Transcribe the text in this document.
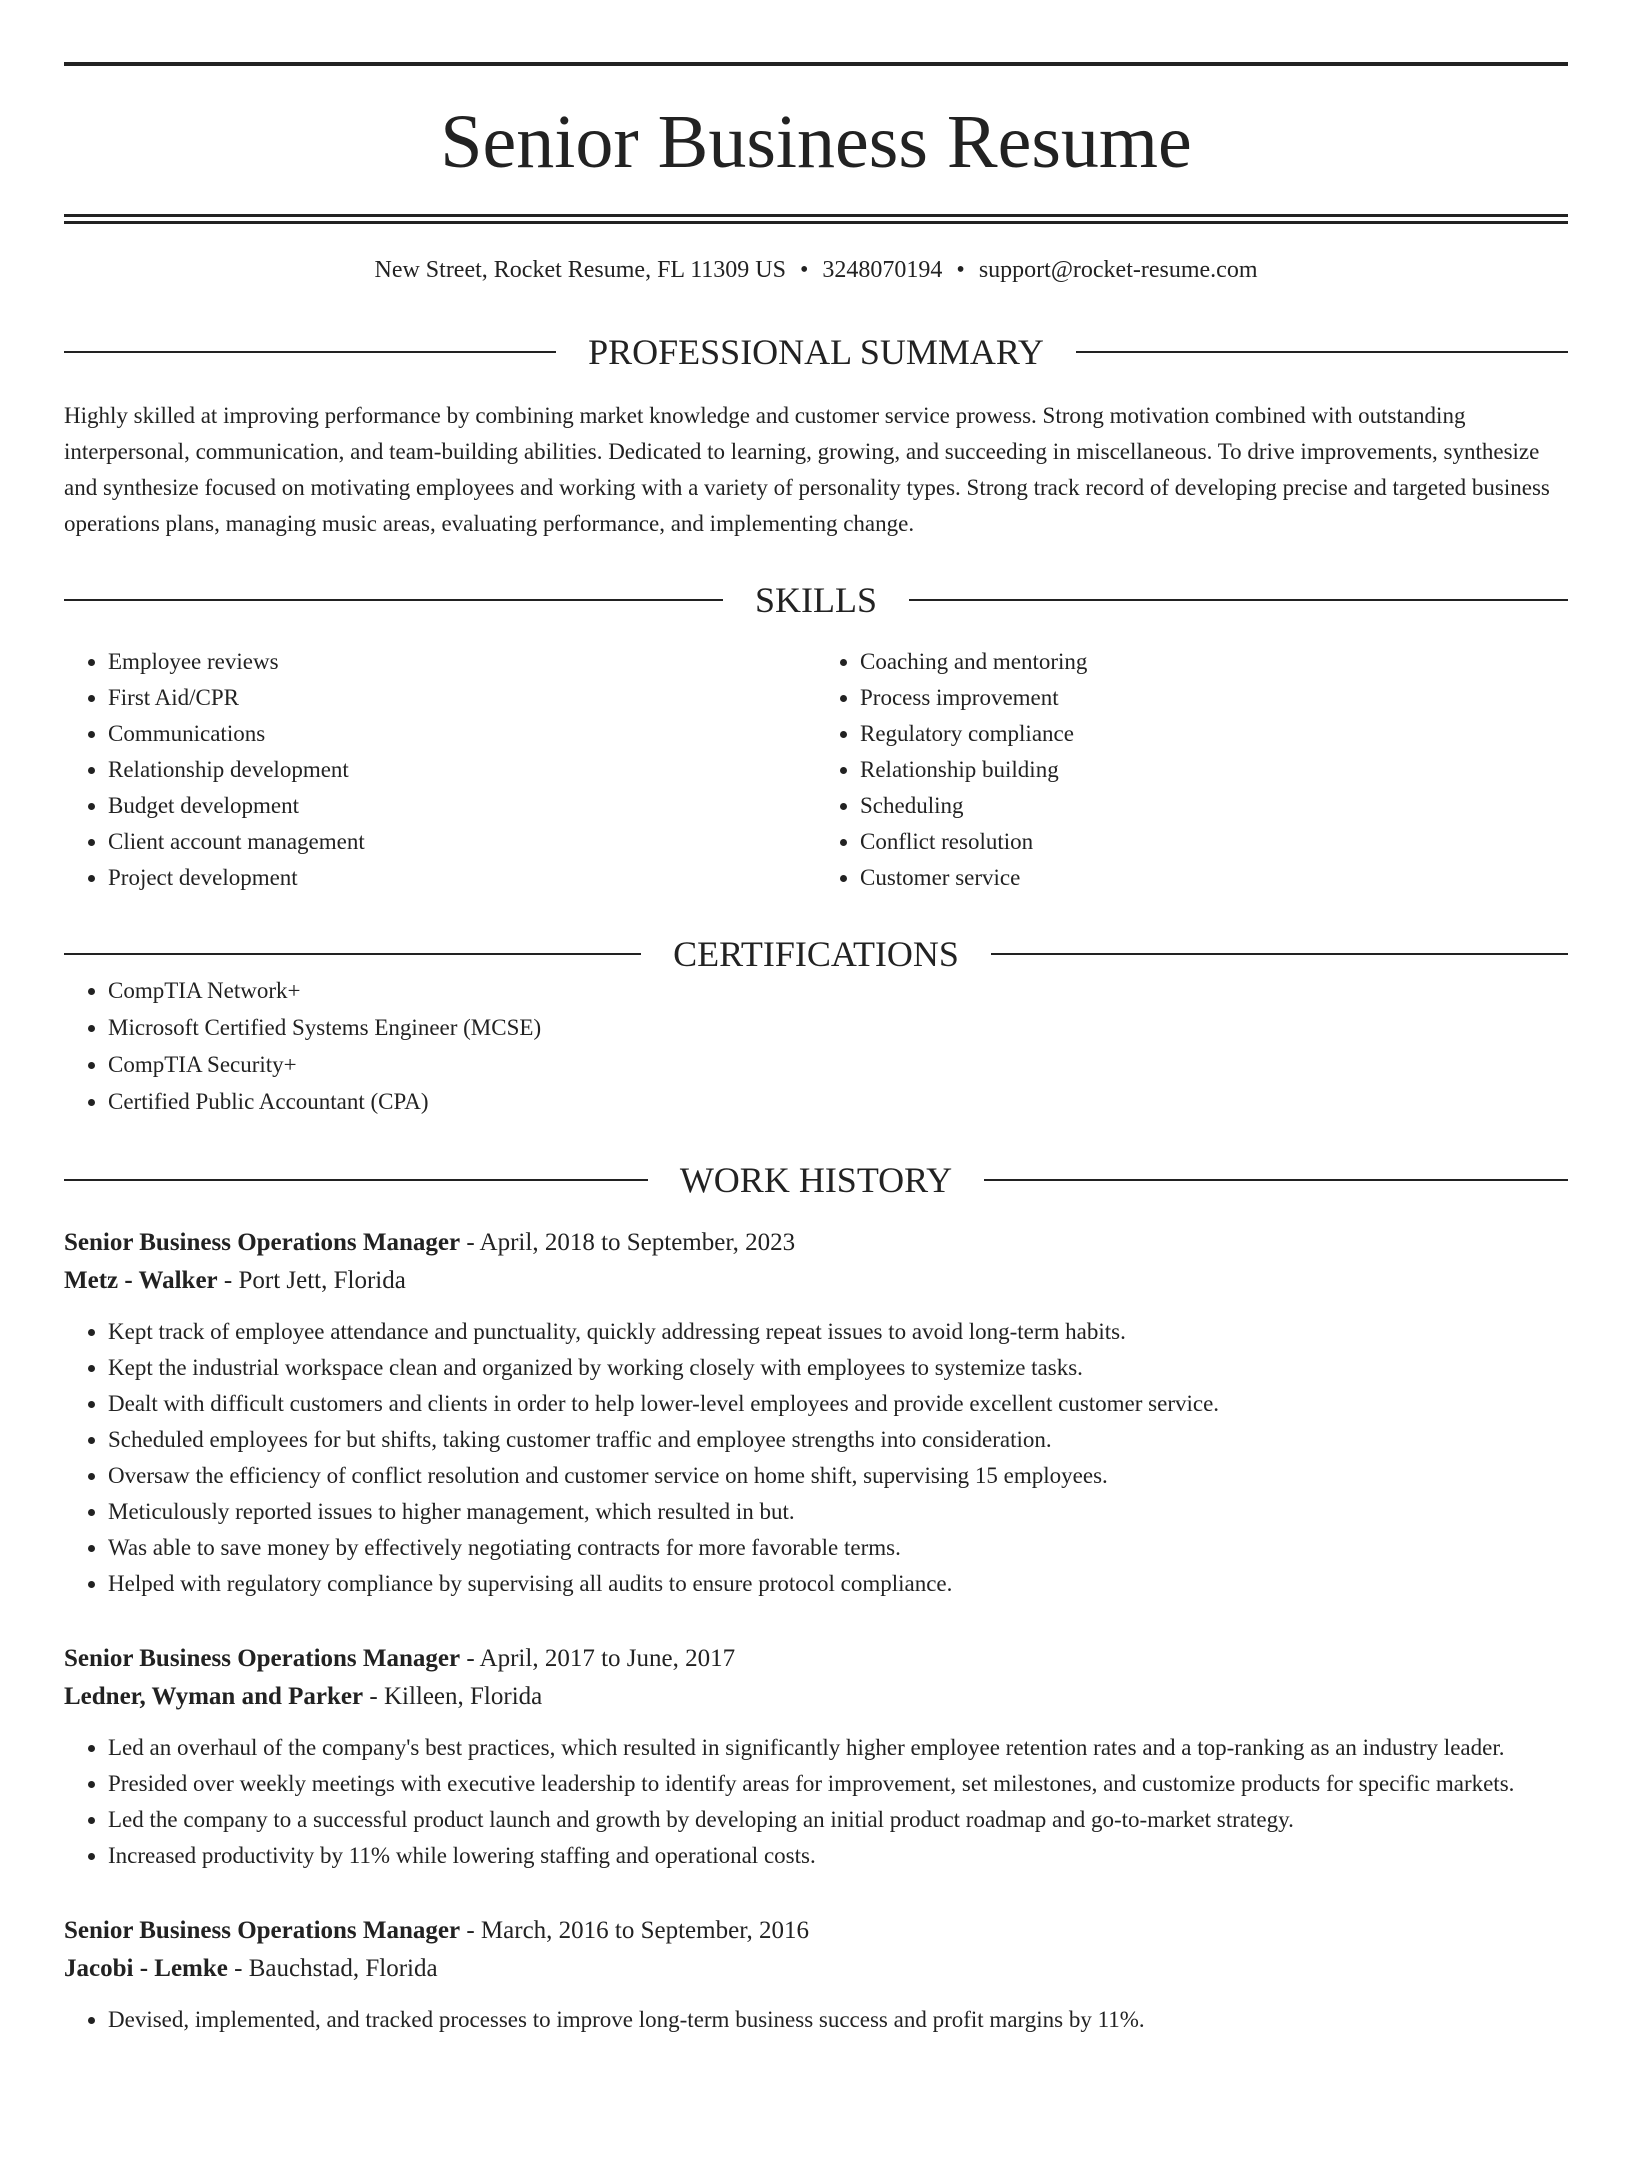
Senior Business Resume
New Street, Rocket Resume, FL 11309 US • 3248070194 • support@rocket-resume.com
PROFESSIONAL SUMMARY

Highly skilled at improving performance by combining market knowledge and customer service prowess. Strong motivation combined with outstanding interpersonal, communication, and team-building abilities. Dedicated to learning, growing, and succeeding in miscellaneous. To drive improvements, synthesize and synthesize focused on motivating employees and working with a variety of personality types. Strong track record of developing precise and targeted business operations plans, managing music areas, evaluating performance, and implementing change.

SKILLS
• Employee reviews
• First Aid/CPR
• Communications
• Relationship development
• Budget development
• Client account management
• Project development
• Coaching and mentoring
• Process improvement
• Regulatory compliance
• Relationship building
• Scheduling
• Conflict resolution
• Customer service
CERTIFICATIONS
• CompTIA Network+
• Microsoft Certified Systems Engineer (MCSE)
• CompTIA Security+
• Certified Public Accountant (CPA)
WORK HISTORY
Senior Business Operations Manager - April, 2018 to September, 2023
Metz - Walker - Port Jett, Florida
• Kept track of employee attendance and punctuality, quickly addressing repeat issues to avoid long-term habits.
• Kept the industrial workspace clean and organized by working closely with employees to systemize tasks.
• Dealt with difficult customers and clients in order to help lower-level employees and provide excellent customer service.
• Scheduled employees for but shifts, taking customer traffic and employee strengths into consideration.
• Oversaw the efficiency of conflict resolution and customer service on home shift, supervising 15 employees.
• Meticulously reported issues to higher management, which resulted in but.
• Was able to save money by effectively negotiating contracts for more favorable terms.
• Helped with regulatory compliance by supervising all audits to ensure protocol compliance.
Senior Business Operations Manager - April, 2017 to June, 2017
Ledner, Wyman and Parker - Killeen, Florida
• Led an overhaul of the company's best practices, which resulted in significantly higher employee retention rates and a top-ranking as an industry leader.
• Presided over weekly meetings with executive leadership to identify areas for improvement, set milestones, and customize products for specific markets.
• Led the company to a successful product launch and growth by developing an initial product roadmap and go-to-market strategy.
• Increased productivity by 11% while lowering staffing and operational costs.
Senior Business Operations Manager - March, 2016 to September, 2016
Jacobi - Lemke - Bauchstad, Florida
• Devised, implemented, and tracked processes to improve long-term business success and profit margins by 11%.
